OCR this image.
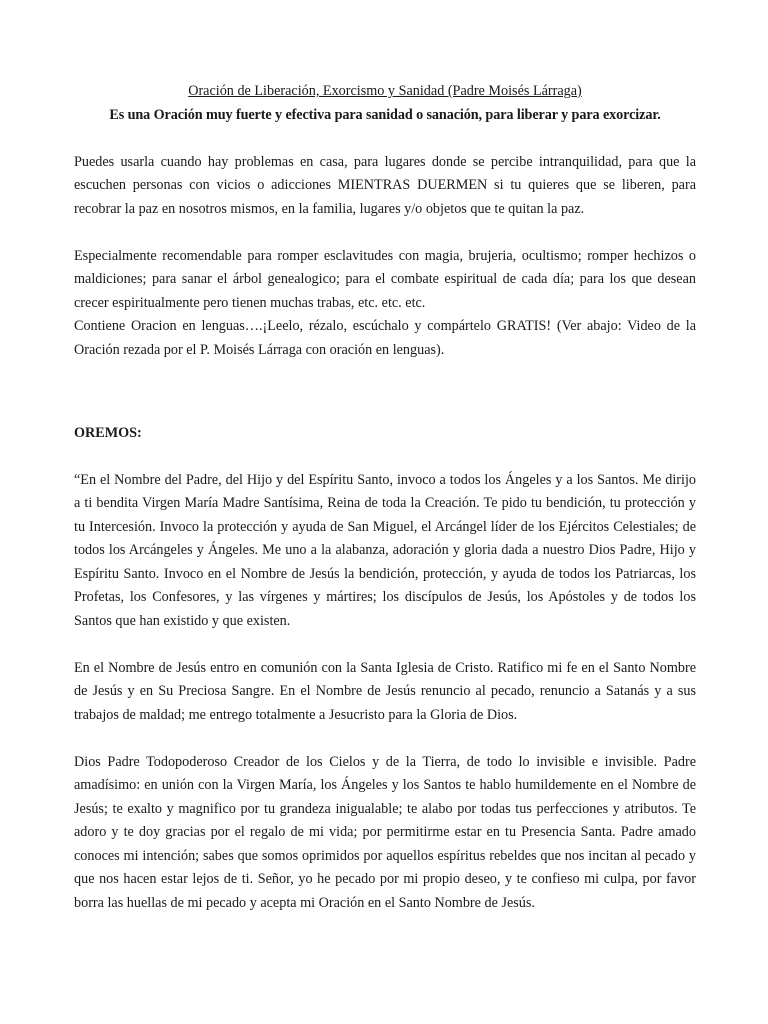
Oración de Liberación, Exorcismo y Sanidad (Padre Moisés Lárraga)

Es una Oración muy fuerte y efectiva para sanidad o sanación, para liberar y para exorcizar.

Puedes usarla cuando hay problemas en casa, para lugares donde se percibe intranquilidad, para que la escuchen personas con vicios o adicciones MIENTRAS DUERMEN si tu quieres que se liberen, para recobrar la paz en nosotros mismos, en la familia, lugares y/o objetos que te quitan la paz.

Especialmente recomendable para romper esclavitudes con magia, brujeria, ocultismo; romper hechizos o maldiciones; para sanar el árbol genealogico; para el combate espiritual de cada día; para los que desean crecer espiritualmente pero tienen muchas trabas, etc. etc. etc.

Contiene Oracion en lenguas….¡Leelo, rézalo, escúchalo y compártelo GRATIS! (Ver abajo: Video de la Oración rezada por el P. Moisés Lárraga con oración en lenguas).

OREMOS:

“En el Nombre del Padre, del Hijo y del Espíritu Santo, invoco a todos los Ángeles y a los Santos. Me dirijo a ti bendita Virgen María Madre Santísima, Reina de toda la Creación. Te pido tu bendición, tu protección y tu Intercesión. Invoco la protección y ayuda de San Miguel, el Arcángel líder de los Ejércitos Celestiales; de todos los Arcángeles y Ángeles. Me uno a la alabanza, adoración y gloria dada a nuestro Dios Padre, Hijo y Espíritu Santo. Invoco en el Nombre de Jesús la bendición, protección, y ayuda de todos los Patriarcas, los Profetas, los Confesores, y las vírgenes y mártires; los discípulos de Jesús, los Apóstoles y de todos los Santos que han existido y que existen.

En el Nombre de Jesús entro en comunión con la Santa Iglesia de Cristo. Ratifico mi fe en el Santo Nombre de Jesús y en Su Preciosa Sangre. En el Nombre de Jesús renuncio al pecado, renuncio a Satanás y a sus trabajos de maldad; me entrego totalmente a Jesucristo para la Gloria de Dios.

Dios Padre Todopoderoso Creador de los Cielos y de la Tierra, de todo lo invisible e invisible. Padre amadísimo: en unión con la Virgen María, los Ángeles y los Santos te hablo humildemente en el Nombre de Jesús; te exalto y magnifico por tu grandeza inigualable; te alabo por todas tus perfecciones y atributos. Te adoro y te doy gracias por el regalo de mi vida; por permitirme estar en tu Presencia Santa. Padre amado conoces mi intención; sabes que somos oprimidos por aquellos espíritus rebeldes que nos incitan al pecado y que nos hacen estar lejos de ti. Señor, yo he pecado por mi propio deseo, y te confieso mi culpa, por favor borra las huellas de mi pecado y acepta mi Oración en el Santo Nombre de Jesús.
